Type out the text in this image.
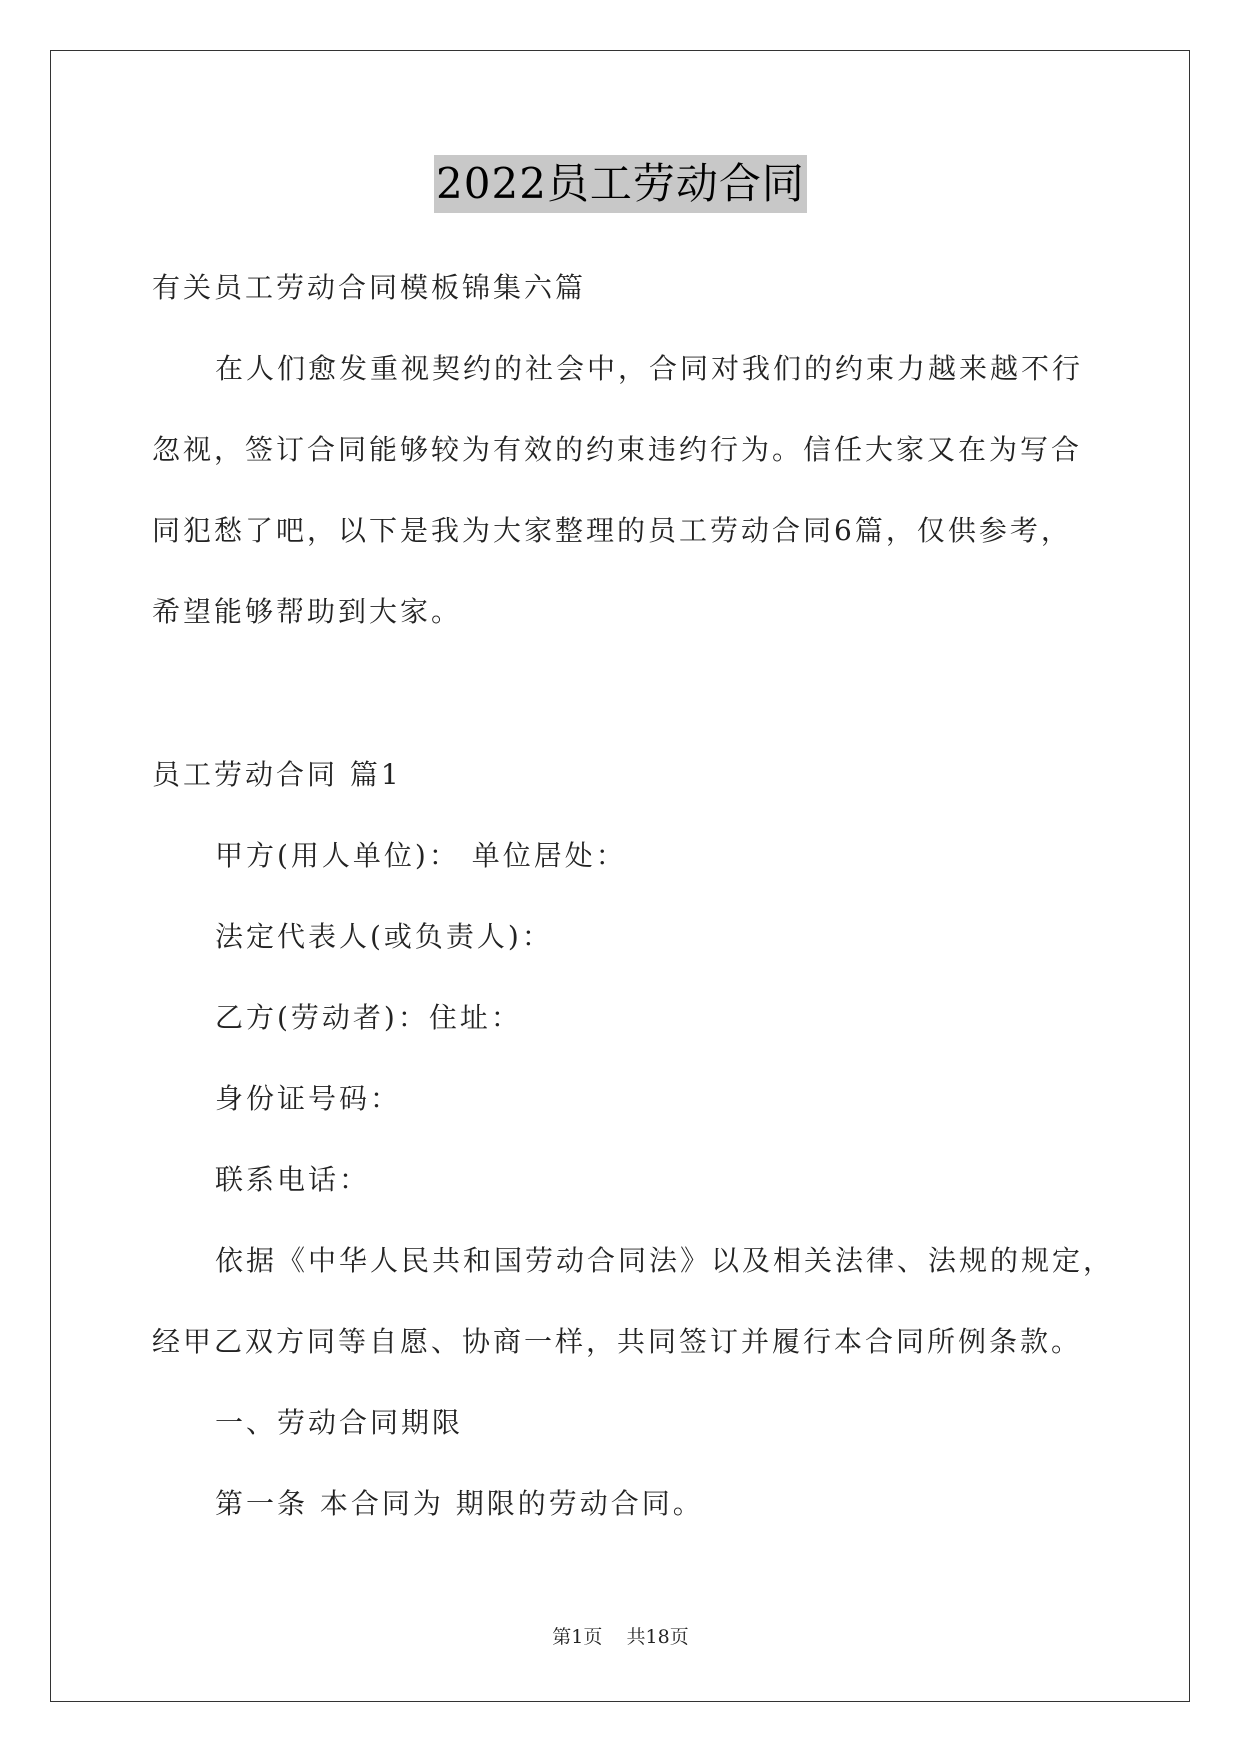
2022员工劳动合同
有关员工劳动合同模板锦集六篇
在人们愈发重视契约的社会中，合同对我们的约束力越来越不行
忽视，签订合同能够较为有效的约束违约行为。信任大家又在为写合
同犯愁了吧，以下是我为大家整理的员工劳动合同6篇，仅供参考，
希望能够帮助到大家。
员工劳动合同 篇1
甲方(用人单位)： 单位居处：
法定代表人(或负责人)：
乙方(劳动者)：住址：
身份证号码：
联系电话：
依据《中华人民共和国劳动合同法》以及相关法律、法规的规定，
经甲乙双方同等自愿、协商一样，共同签订并履行本合同所例条款。
一、劳动合同期限
第一条 本合同为 期限的劳动合同。
第1页 共18页
